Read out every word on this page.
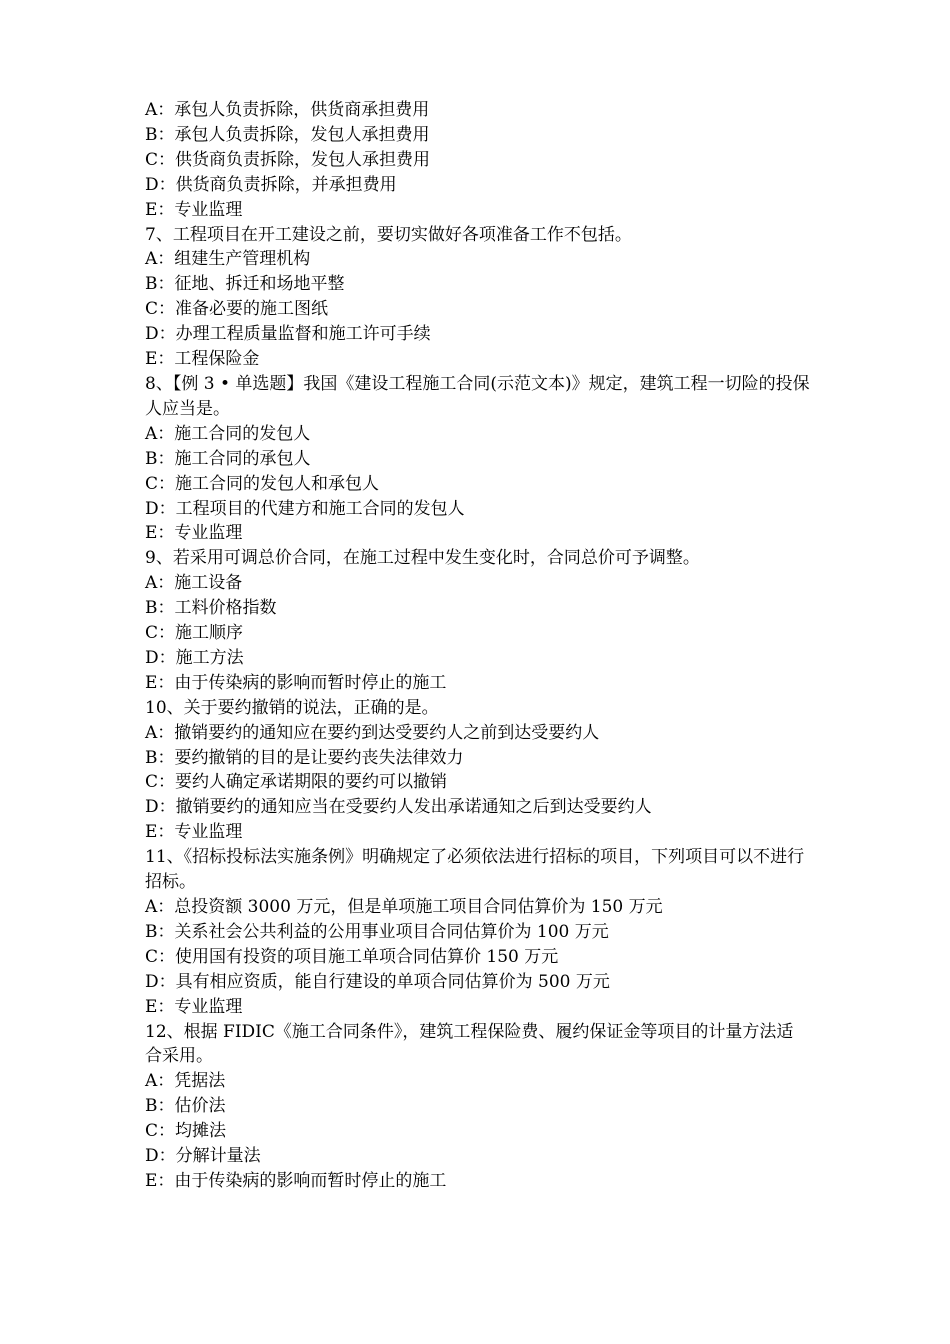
A：承包人负责拆除，供货商承担费用
B：承包人负责拆除，发包人承担费用
C：供货商负责拆除，发包人承担费用
D：供货商负责拆除，并承担费用
E：专业监理
7、工程项目在开工建设之前，要切实做好各项准备工作不包括。
A：组建生产管理机构
B：征地、拆迁和场地平整
C：准备必要的施工图纸
D：办理工程质量监督和施工许可手续
E：工程保险金
8、【例 3 • 单选题】我国《建设工程施工合同(示范文本)》规定，建筑工程一切险的投保人应当是。
A：施工合同的发包人
B：施工合同的承包人
C：施工合同的发包人和承包人
D：工程项目的代建方和施工合同的发包人
E：专业监理
9、若采用可调总价合同，在施工过程中发生变化时，合同总价可予调整。
A：施工设备
B：工料价格指数
C：施工顺序
D：施工方法
E：由于传染病的影响而暂时停止的施工
10、关于要约撤销的说法，正确的是。
A：撤销要约的通知应在要约到达受要约人之前到达受要约人
B：要约撤销的目的是让要约丧失法律效力
C：要约人确定承诺期限的要约可以撤销
D：撤销要约的通知应当在受要约人发出承诺通知之后到达受要约人
E：专业监理
11、《招标投标法实施条例》明确规定了必须依法进行招标的项目，下列项目可以不进行招标。
A：总投资额 3000 万元，但是单项施工项目合同估算价为 150 万元
B：关系社会公共利益的公用事业项目合同估算价为 100 万元
C：使用国有投资的项目施工单项合同估算价 150 万元
D：具有相应资质，能自行建设的单项合同估算价为 500 万元
E：专业监理
12、根据 FIDIC《施工合同条件》，建筑工程保险费、履约保证金等项目的计量方法适合采用。
A：凭据法
B：估价法
C：均摊法
D：分解计量法
E：由于传染病的影响而暂时停止的施工
